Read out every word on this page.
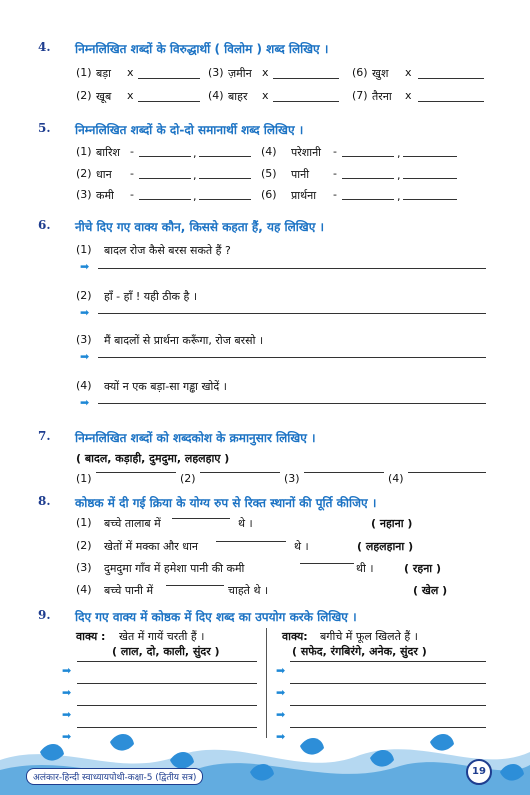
4. निम्नलिखित शब्दों के विरुद्धार्थी ( विलोम ) शब्द लिखिए ।
(1) बड़ा x	(3) ज़मीन x	(6) खुश x
(2) खूब x	(4) बाहर x	(7) तैरना x
5. निम्नलिखित शब्दों के दो-दो समानार्थी शब्द लिखिए ।
(1) बारिश -	,	(4) परेशानी -	,
(2) धान -	,	(5) पानी -	,
(3) कमी -	,	(6) प्रार्थना -	,
6. नीचे दिए गए वाक्य कौन, किससे कहता हैं, यह लिखिए ।
(1) बादल रोज कैसे बरस सकते हैं ?
➡
(2) हाँ - हाँ ! यही ठीक है ।
➡
(3) मैं बादलों से प्रार्थना करूँगा, रोज बरसो ।
➡
(4) क्यों न एक बड़ा-सा गड्ढा खोदें ।
➡
7. निम्नलिखित शब्दों को शब्दकोश के क्रमानुसार लिखिए ।
( बादल, कड़ाही, दुमदुमा, लहलहाए )
(1)	(2)	(3)	(4)
8. कोष्ठक में दी गई क्रिया के योग्य रुप से रिक्त स्थानों की पूर्ति कीजिए ।
(1) बच्चे तालाब में	थे ।	( नहाना )
(2) खेतों में मक्का और धान	थे ।	( लहलहाना )
(3) दुमदुमा गाँव में हमेशा पानी की कमी	थी ।	( रहना )
(4) बच्चे पानी में	चाहते थे ।	( खेल )
9. दिए गए वाक्य में कोष्ठक में दिए शब्द का उपयोग करके लिखिए ।
वाक्य : खेत में गायें चरती हैं ।
( लाल, दो, काली, सुंदर )
वाक्य: बगीचे में फूल खिलते हैं ।
( सफेद, रंगबिरंगे, अनेक, सुंदर )
➡
➡
➡
➡
➡
➡
➡
➡
अलंकार-हिन्दी स्वाध्यायपोथी-कक्षा-5 (द्वितीय सत्र)
19
